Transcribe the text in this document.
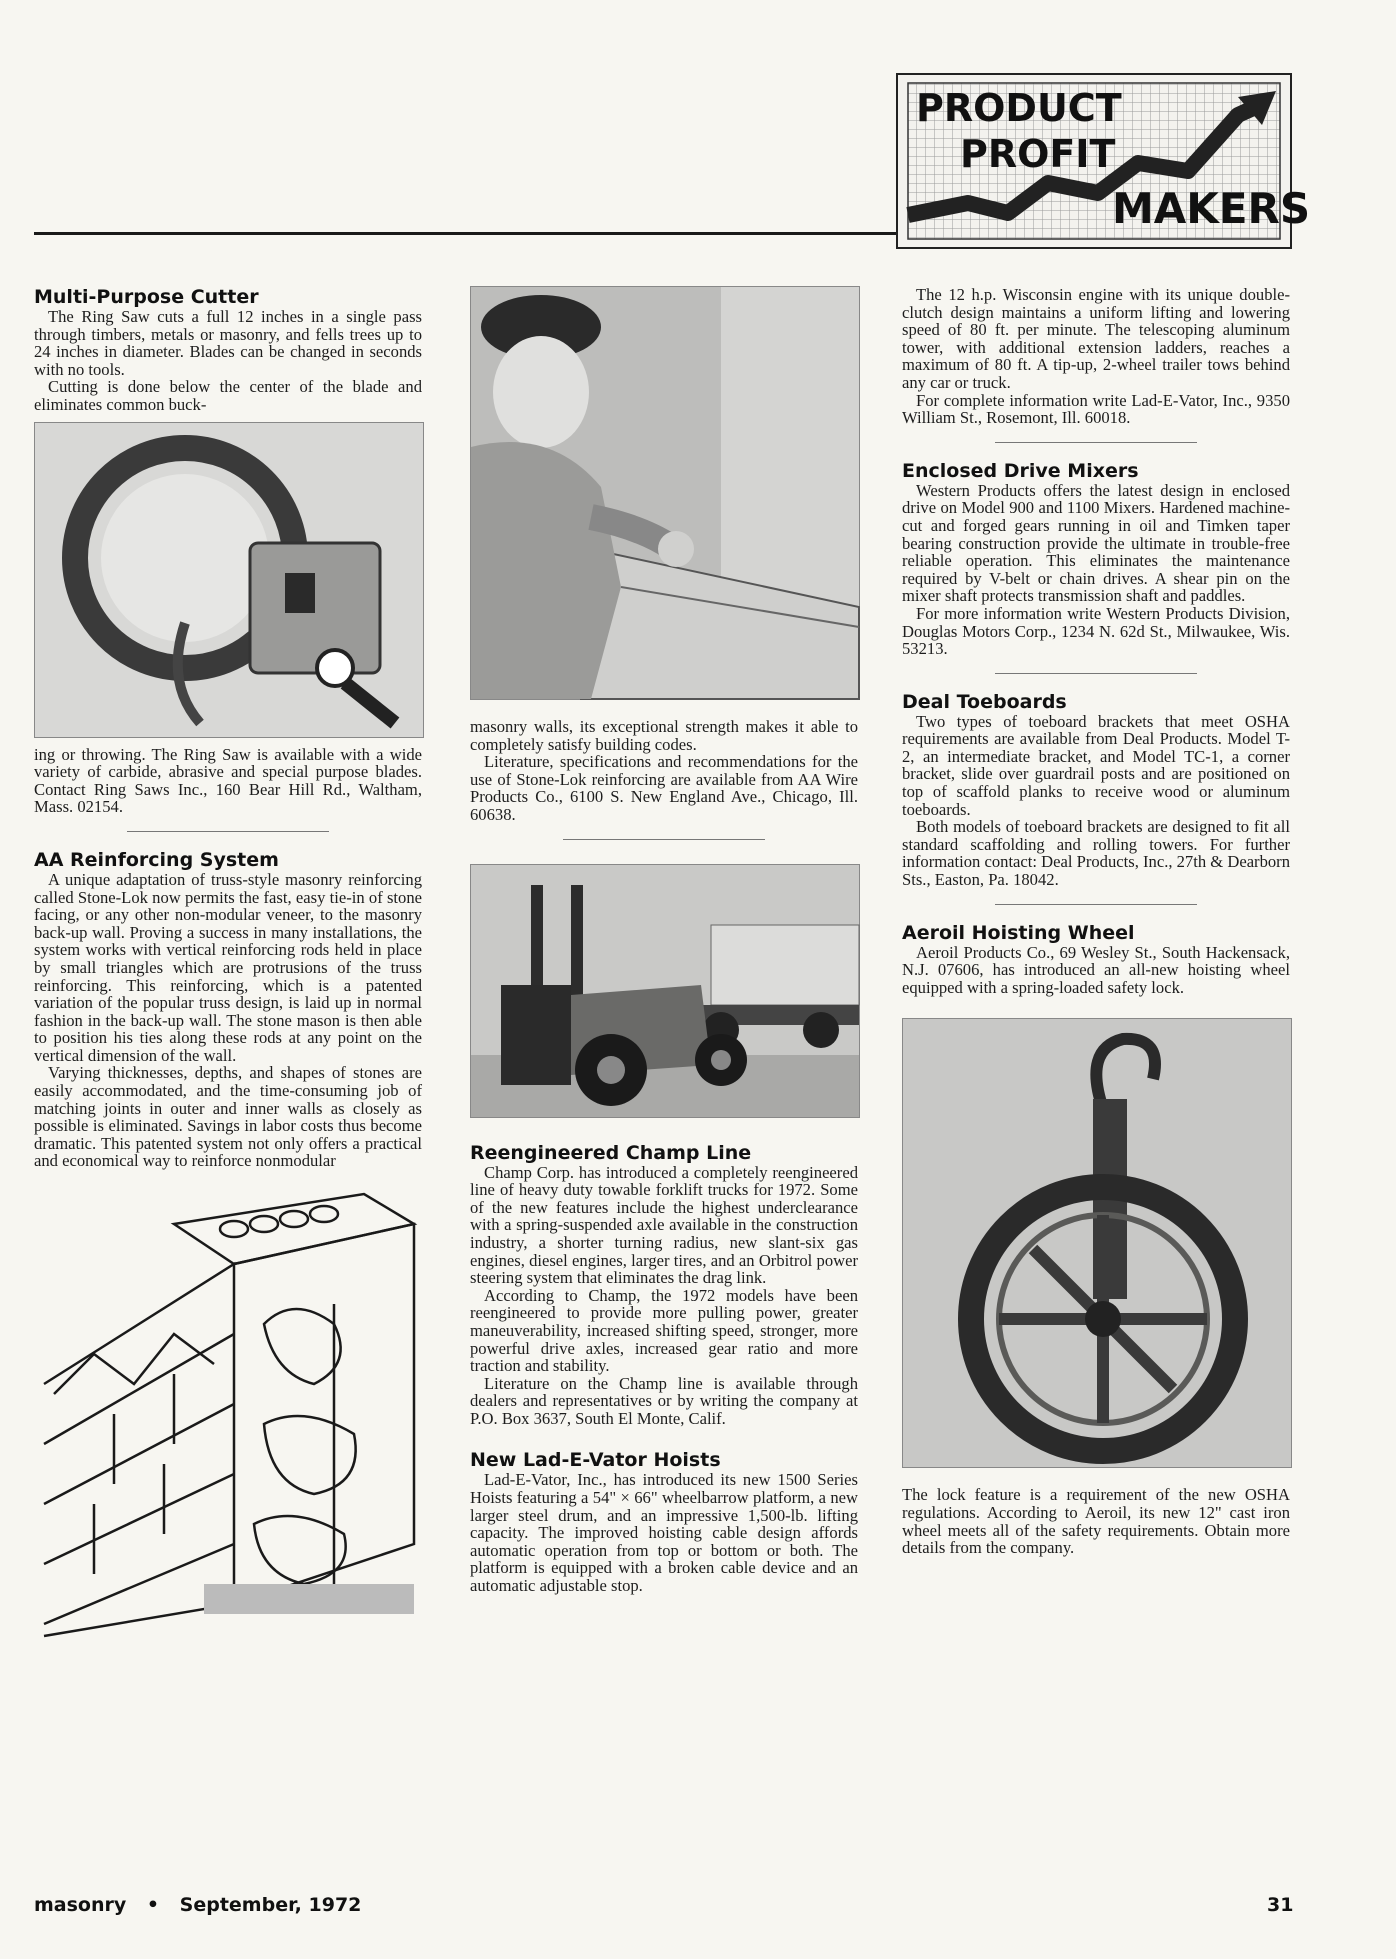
PRODUCT
PROFIT
MAKERS
Multi-Purpose Cutter

The Ring Saw cuts a full 12 inches in a single pass through timbers, metals or masonry, and fells trees up to 24 inches in diameter. Blades can be changed in seconds with no tools.

Cutting is done below the center of the blade and eliminates common buck-

ing or throwing. The Ring Saw is available with a wide variety of carbide, abrasive and special purpose blades. Contact Ring Saws Inc., 160 Bear Hill Rd., Waltham, Mass. 02154.

AA Reinforcing System

A unique adaptation of truss-style masonry reinforcing called Stone-Lok now permits the fast, easy tie-in of stone facing, or any other non-modular veneer, to the masonry back-up wall. Proving a success in many installations, the system works with vertical reinforcing rods held in place by small triangles which are protrusions of the truss reinforcing. This reinforcing, which is a patented variation of the popular truss design, is laid up in normal fashion in the back-up wall. The stone mason is then able to position his ties along these rods at any point on the vertical dimension of the wall.

Varying thicknesses, depths, and shapes of stones are easily accommodated, and the time-consuming job of matching joints in outer and inner walls as closely as possible is eliminated. Savings in labor costs thus become dramatic. This patented system not only offers a practical and economical way to reinforce nonmodular

masonry walls, its exceptional strength makes it able to completely satisfy building codes.

Literature, specifications and recommendations for the use of Stone-Lok reinforcing are available from AA Wire Products Co., 6100 S. New England Ave., Chicago, Ill. 60638.

Reengineered Champ Line

Champ Corp. has introduced a completely reengineered line of heavy duty towable forklift trucks for 1972. Some of the new features include the highest underclearance with a spring-suspended axle available in the construction industry, a shorter turning radius, new slant-six gas engines, diesel engines, larger tires, and an Orbitrol power steering system that eliminates the drag link.

According to Champ, the 1972 models have been reengineered to provide more pulling power, greater maneuverability, increased shifting speed, stronger, more powerful drive axles, increased gear ratio and more traction and stability.

Literature on the Champ line is available through dealers and representatives or by writing the company at P.O. Box 3637, South El Monte, Calif.

New Lad-E-Vator Hoists

Lad-E-Vator, Inc., has introduced its new 1500 Series Hoists featuring a 54" × 66" wheelbarrow platform, a new larger steel drum, and an impressive 1,500-lb. lifting capacity. The improved hoisting cable design affords automatic operation from top or bottom or both. The platform is equipped with a broken cable device and an automatic adjustable stop.

The 12 h.p. Wisconsin engine with its unique double-clutch design maintains a uniform lifting and lowering speed of 80 ft. per minute. The telescoping aluminum tower, with additional extension ladders, reaches a maximum of 80 ft. A tip-up, 2-wheel trailer tows behind any car or truck.

For complete information write Lad-E-Vator, Inc., 9350 William St., Rosemont, Ill. 60018.

Enclosed Drive Mixers

Western Products offers the latest design in enclosed drive on Model 900 and 1100 Mixers. Hardened machine-cut and forged gears running in oil and Timken taper bearing construction provide the ultimate in trouble-free reliable operation. This eliminates the maintenance required by V-belt or chain drives. A shear pin on the mixer shaft protects transmission shaft and paddles.

For more information write Western Products Division, Douglas Motors Corp., 1234 N. 62d St., Milwaukee, Wis. 53213.

Deal Toeboards

Two types of toeboard brackets that meet OSHA requirements are available from Deal Products. Model T-2, an intermediate bracket, and Model TC-1, a corner bracket, slide over guardrail posts and are positioned on top of scaffold planks to receive wood or aluminum toeboards.

Both models of toeboard brackets are designed to fit all standard scaffolding and rolling towers. For further information contact: Deal Products, Inc., 27th & Dearborn Sts., Easton, Pa. 18042.

Aeroil Hoisting Wheel

Aeroil Products Co., 69 Wesley St., South Hackensack, N.J. 07606, has introduced an all-new hoisting wheel equipped with a spring-loaded safety lock.

The lock feature is a requirement of the new OSHA regulations. According to Aeroil, its new 12" cast iron wheel meets all of the safety requirements. Obtain more details from the company.

masonry • September, 1972	31
